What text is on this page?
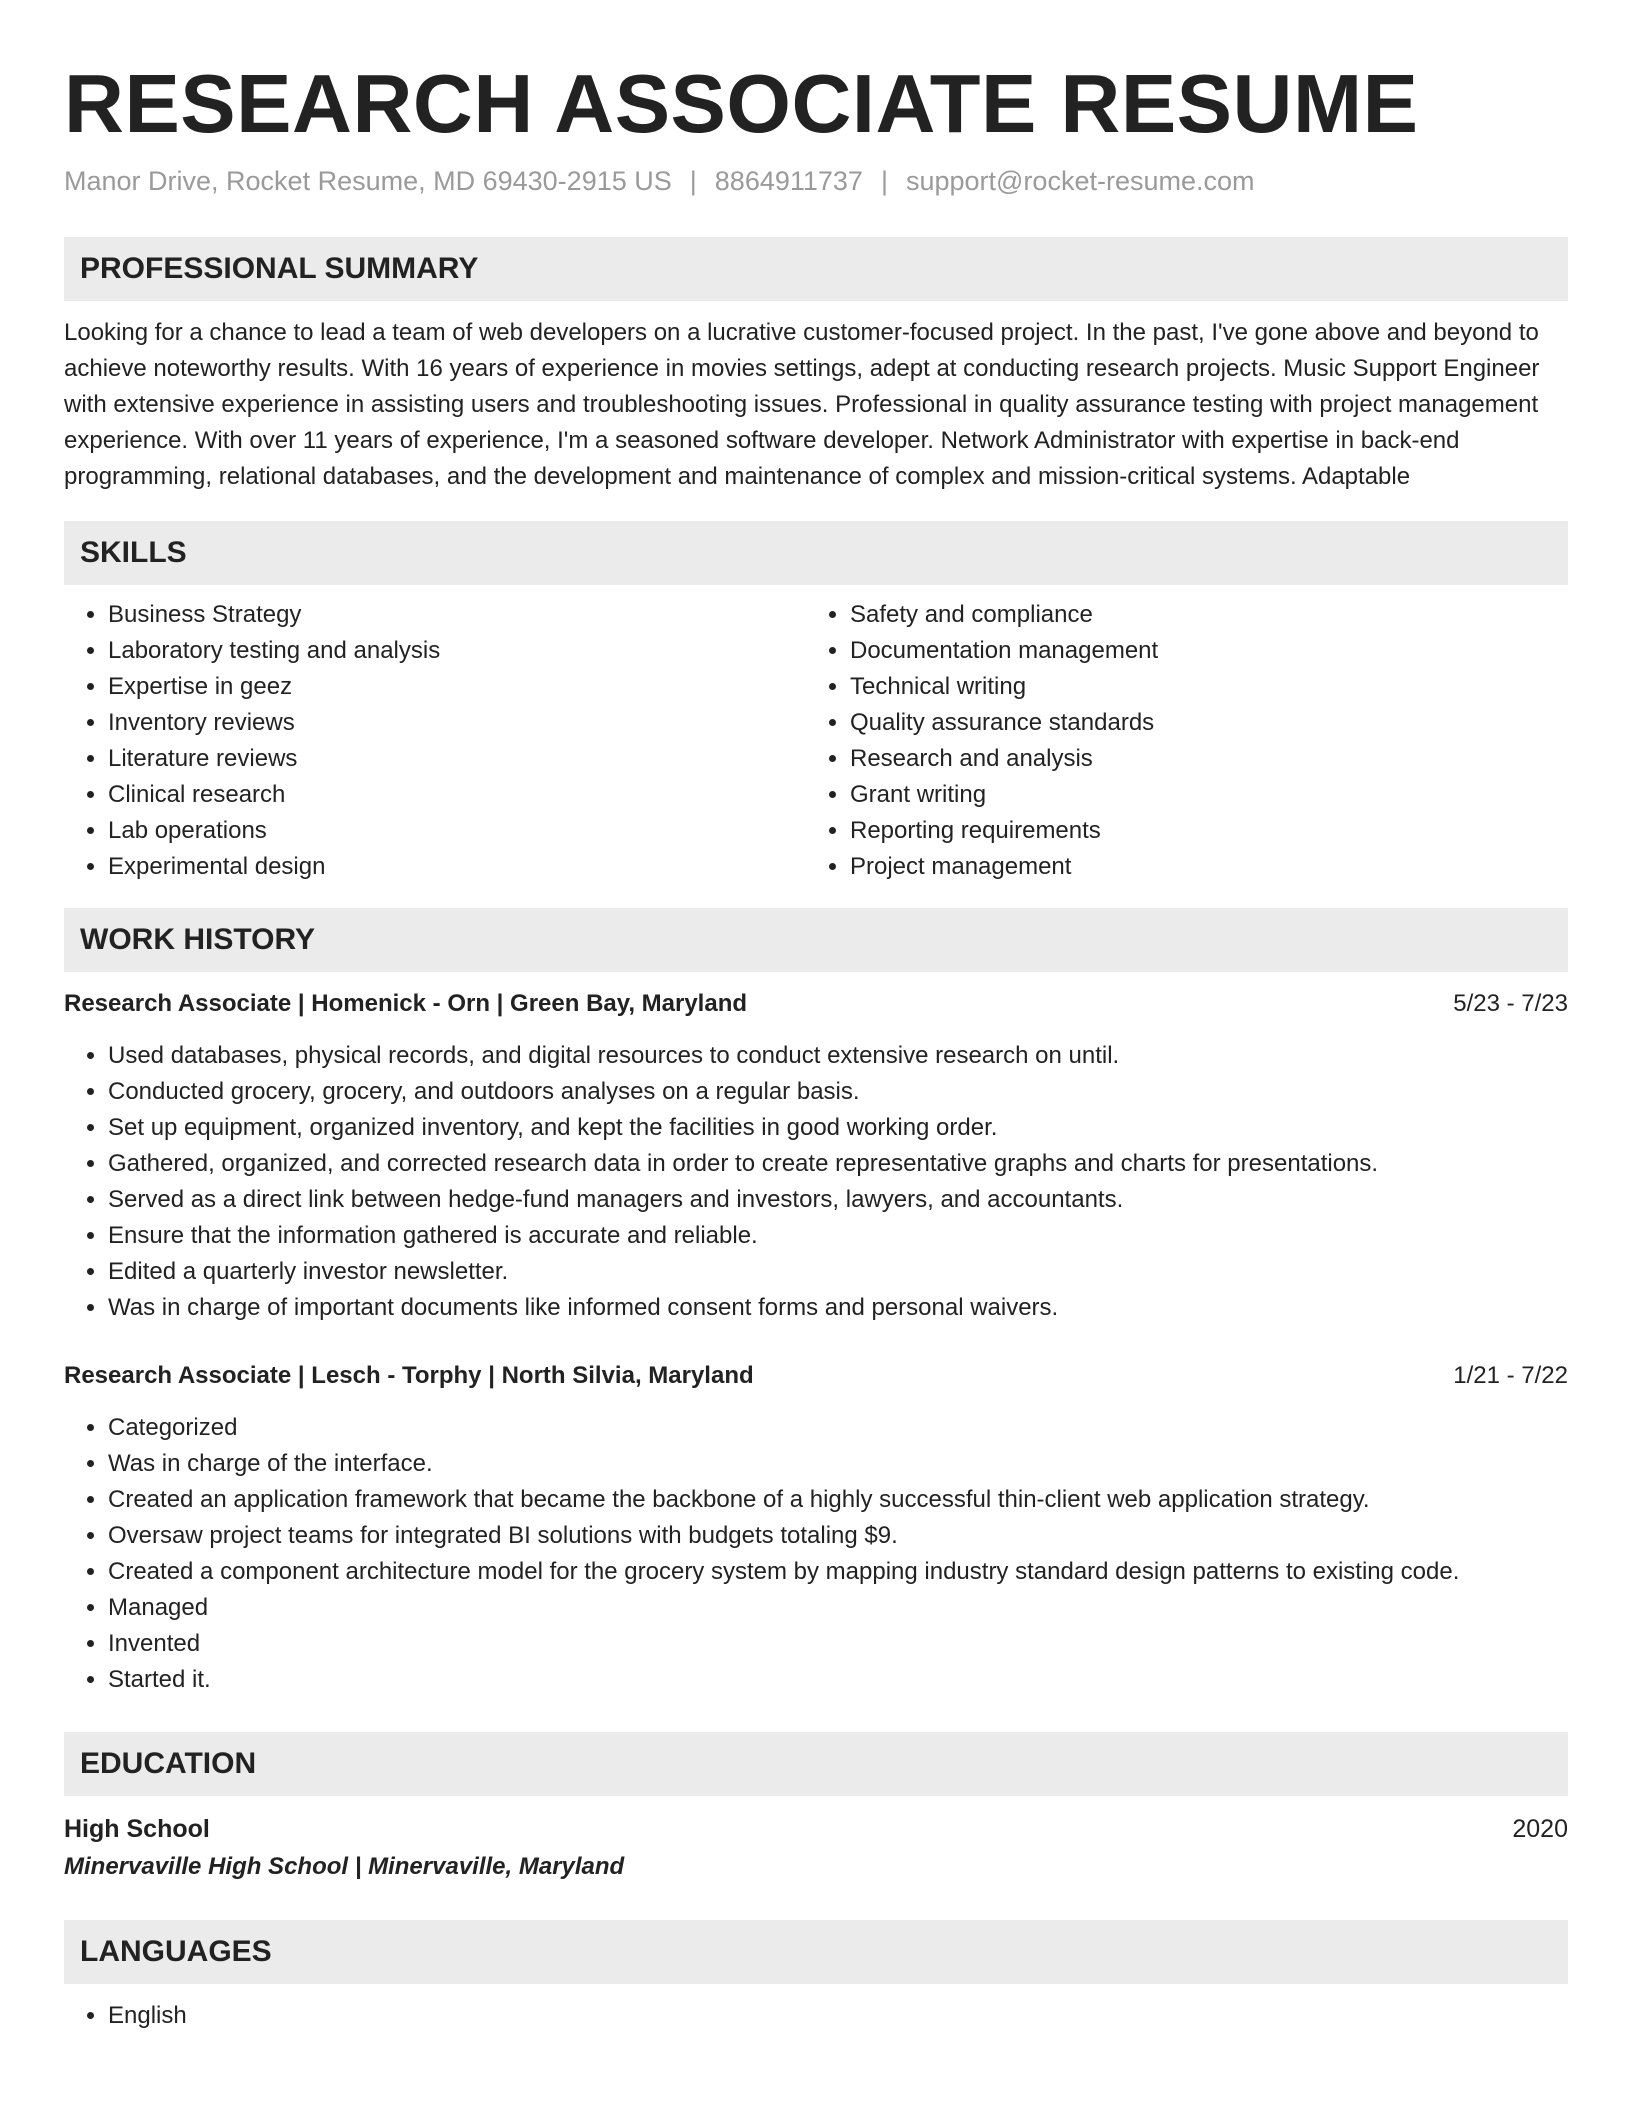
RESEARCH ASSOCIATE RESUME
Manor Drive, Rocket Resume, MD 69430-2915 US | 8864911737 | support@rocket-resume.com
PROFESSIONAL SUMMARY
Looking for a chance to lead a team of web developers on a lucrative customer-focused project. In the past, I've gone above and beyond to achieve noteworthy results. With 16 years of experience in movies settings, adept at conducting research projects. Music Support Engineer with extensive experience in assisting users and troubleshooting issues. Professional in quality assurance testing with project management experience. With over 11 years of experience, I'm a seasoned software developer. Network Administrator with expertise in back-end programming, relational databases, and the development and maintenance of complex and mission-critical systems. Adaptable
SKILLS
• Business Strategy
• Laboratory testing and analysis
• Expertise in geez
• Inventory reviews
• Literature reviews
• Clinical research
• Lab operations
• Experimental design
• Safety and compliance
• Documentation management
• Technical writing
• Quality assurance standards
• Research and analysis
• Grant writing
• Reporting requirements
• Project management
WORK HISTORY
Research Associate | Homenick - Orn | Green Bay, Maryland	5/23 - 7/23
• Used databases, physical records, and digital resources to conduct extensive research on until.
• Conducted grocery, grocery, and outdoors analyses on a regular basis.
• Set up equipment, organized inventory, and kept the facilities in good working order.
• Gathered, organized, and corrected research data in order to create representative graphs and charts for presentations.
• Served as a direct link between hedge-fund managers and investors, lawyers, and accountants.
• Ensure that the information gathered is accurate and reliable.
• Edited a quarterly investor newsletter.
• Was in charge of important documents like informed consent forms and personal waivers.
Research Associate | Lesch - Torphy | North Silvia, Maryland	1/21 - 7/22
• Categorized
• Was in charge of the interface.
• Created an application framework that became the backbone of a highly successful thin-client web application strategy.
• Oversaw project teams for integrated BI solutions with budgets totaling $9.
• Created a component architecture model for the grocery system by mapping industry standard design patterns to existing code.
• Managed
• Invented
• Started it.
EDUCATION
High School	2020
Minervaville High School | Minervaville, Maryland
LANGUAGES
• English
